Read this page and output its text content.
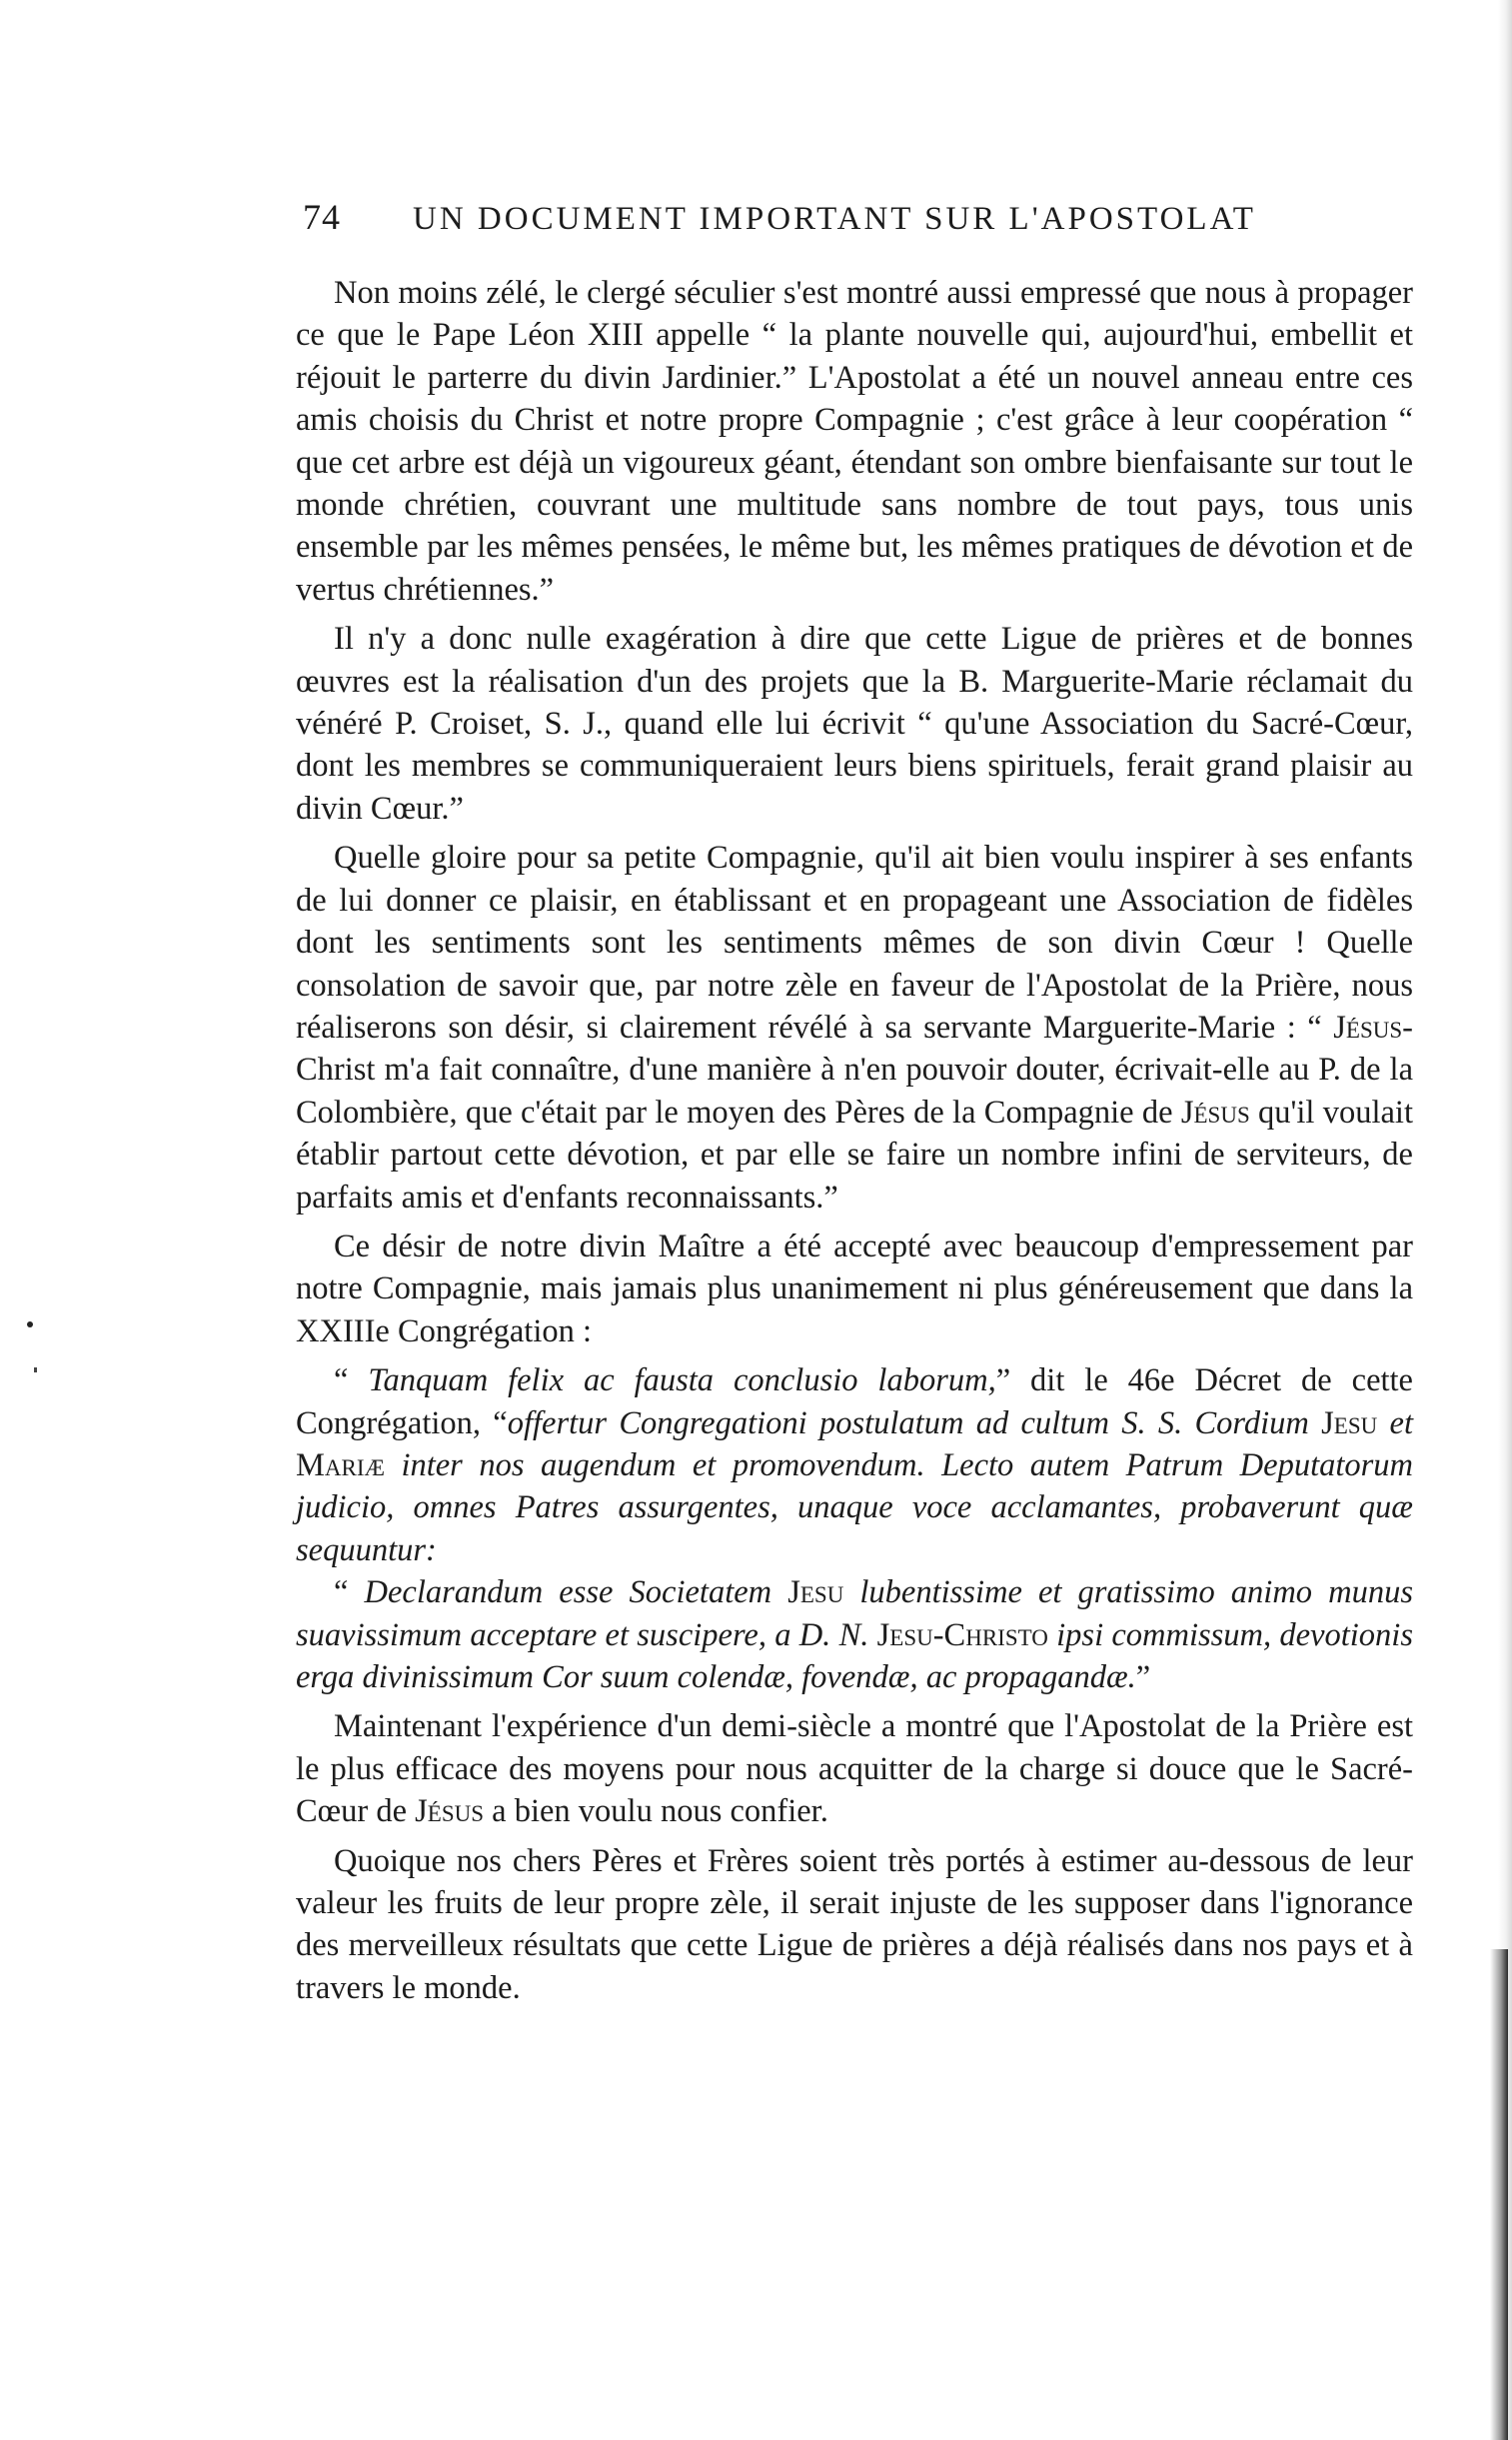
74 UN DOCUMENT IMPORTANT SUR L'APOSTOLAT

Non moins zélé, le clergé séculier s'est montré aussi empressé que nous à propager ce que le Pape Léon XIII appelle “ la plante nouvelle qui, aujourd'hui, embellit et réjouit le parterre du divin Jardinier.” L'Apostolat a été un nouvel anneau entre ces amis choisis du Christ et notre propre Compagnie ; c'est grâce à leur coopération “ que cet arbre est déjà un vigoureux géant, étendant son ombre bienfaisante sur tout le monde chrétien, couvrant une multitude sans nombre de tout pays, tous unis ensemble par les mêmes pensées, le même but, les mêmes pratiques de dévotion et de vertus chrétiennes.”

Il n'y a donc nulle exagération à dire que cette Ligue de prières et de bonnes œuvres est la réalisation d'un des projets que la B. Marguerite-Marie réclamait du vénéré P. Croiset, S. J., quand elle lui écrivit “ qu'une Association du Sacré-Cœur, dont les membres se communiqueraient leurs biens spirituels, ferait grand plaisir au divin Cœur.”

Quelle gloire pour sa petite Compagnie, qu'il ait bien voulu inspirer à ses enfants de lui donner ce plaisir, en établissant et en propageant une Association de fidèles dont les sentiments sont les sentiments mêmes de son divin Cœur ! Quelle consolation de savoir que, par notre zèle en faveur de l'Apostolat de la Prière, nous réaliserons son désir, si clairement révélé à sa servante Marguerite-Marie : “ Jésus-Christ m'a fait connaître, d'une manière à n'en pouvoir douter, écrivait-elle au P. de la Colombière, que c'était par le moyen des Pères de la Compagnie de Jésus qu'il voulait établir partout cette dévotion, et par elle se faire un nombre infini de serviteurs, de parfaits amis et d'enfants reconnaissants.”

Ce désir de notre divin Maître a été accepté avec beaucoup d'empressement par notre Compagnie, mais jamais plus unanimement ni plus généreusement que dans la XXIIIe Congrégation :

“ Tanquam felix ac fausta conclusio laborum,” dit le 46e Décret de cette Congrégation, “offertur Congregationi postulatum ad cultum S. S. Cordium Jesu et Mariæ inter nos augendum et promovendum. Lecto autem Patrum Deputatorum judicio, omnes Patres assurgentes, unaque voce acclamantes, probaverunt quæ sequuntur:

“ Declarandum esse Societatem Jesu lubentissime et gratissimo animo munus suavissimum acceptare et suscipere, a D. N. Jesu-Christo ipsi commissum, devotionis erga divinissimum Cor suum colendæ, fovendæ, ac propagandæ.”

Maintenant l'expérience d'un demi-siècle a montré que l'Apostolat de la Prière est le plus efficace des moyens pour nous acquitter de la charge si douce que le Sacré-Cœur de Jésus a bien voulu nous confier.

Quoique nos chers Pères et Frères soient très portés à estimer au-dessous de leur valeur les fruits de leur propre zèle, il serait injuste de les supposer dans l'ignorance des merveilleux résultats que cette Ligue de prières a déjà réalisés dans nos pays et à travers le monde.
